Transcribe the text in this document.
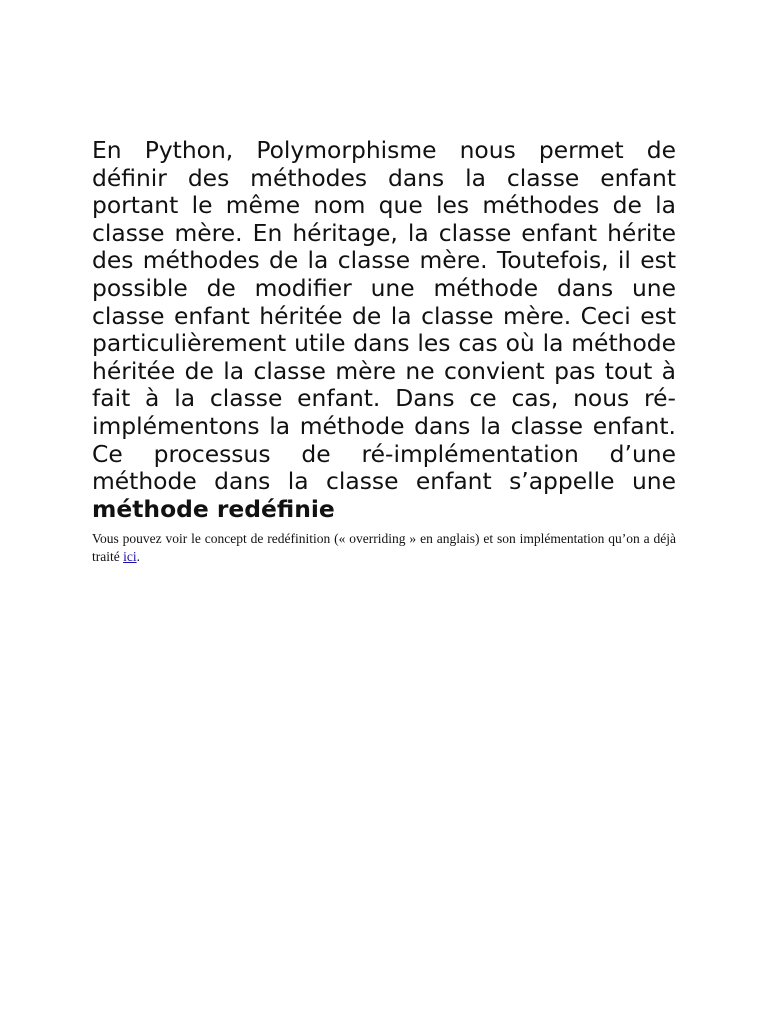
En Python, Polymorphisme nous permet de définir des méthodes dans la classe enfant portant le même nom que les méthodes de la classe mère. En héritage, la classe enfant hérite des méthodes de la classe mère. Toutefois, il est possible de modifier une méthode dans une classe enfant héritée de la classe mère. Ceci est particulièrement utile dans les cas où la méthode héritée de la classe mère ne convient pas tout à fait à la classe enfant. Dans ce cas, nous ré-implémentons la méthode dans la classe enfant. Ce processus de ré-implémentation d’une méthode dans la classe enfant s’appelle une méthode redéfinie

Vous pouvez voir le concept de redéfinition (« overriding » en anglais) et son implémentation qu’on a déjà traité ici.
